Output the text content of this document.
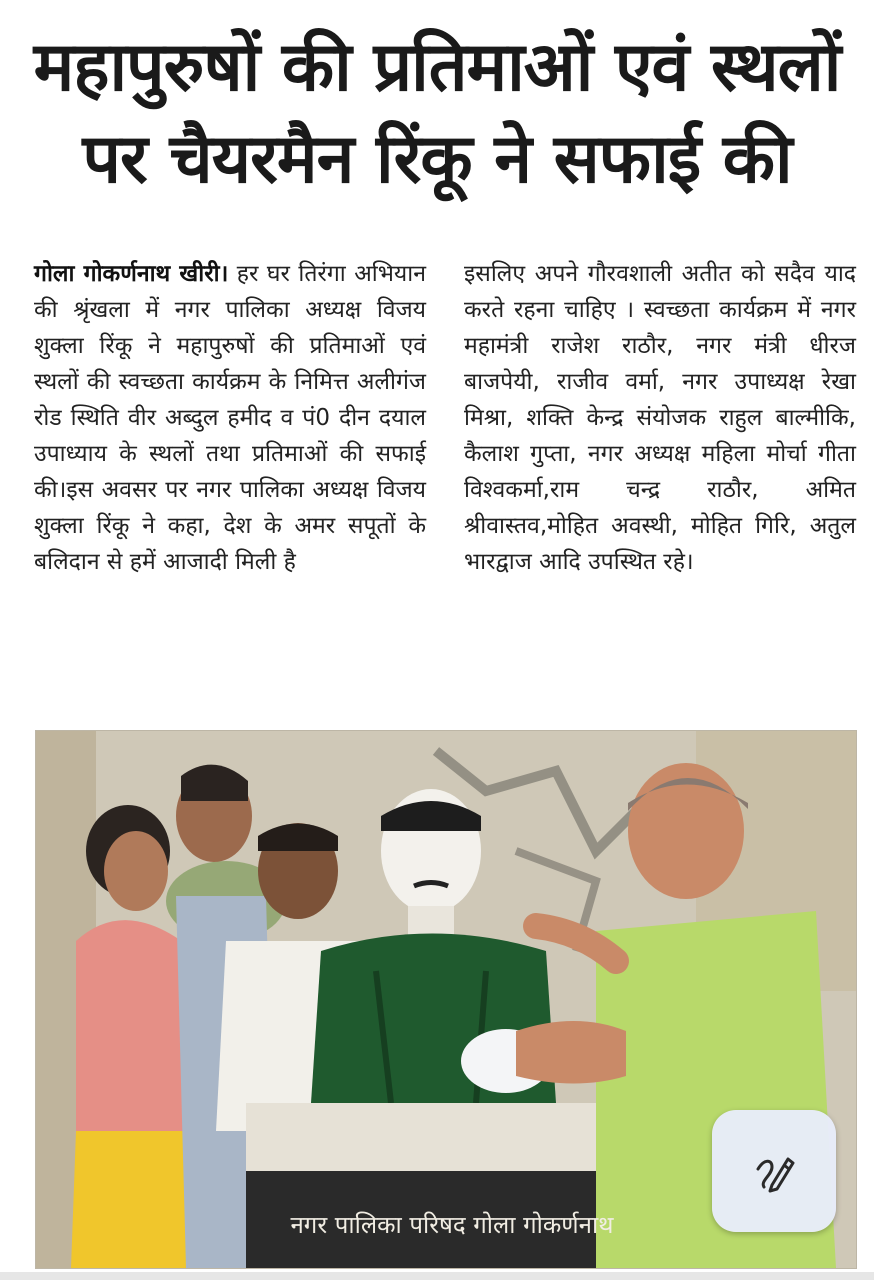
महापुरुषों की प्रतिमाओं एवं स्थलों
पर चैयरमैन रिंकू ने सफाई की
गोला गोकर्णनाथ खीरी। हर घर तिरंगा अभियान की श्रृंखला में नगर पालिका अध्यक्ष विजय शुक्ला रिंकू ने महापुरुषों की प्रतिमाओं एवं स्थलों की स्वच्छता कार्यक्रम के निमित्त अलीगंज रोड स्थिति वीर अब्दुल हमीद व पं0 दीन दयाल उपाध्याय के स्थलों तथा प्रतिमाओं की सफाई की।इस अवसर पर नगर पालिका अध्यक्ष विजय शुक्ला रिंकू ने कहा, देश के अमर सपूतों के बलिदान से हमें आजादी मिली है
इसलिए अपने गौरवशाली अतीत को सदैव याद करते रहना चाहिए । स्वच्छता कार्यक्रम में नगर महामंत्री राजेश राठौर, नगर मंत्री धीरज बाजपेयी, राजीव वर्मा, नगर उपाध्यक्ष रेखा मिश्रा, शक्ति केन्द्र संयोजक राहुल बाल्मीकि, कैलाश गुप्ता, नगर अध्यक्ष महिला मोर्चा गीता विश्वकर्मा,राम चन्द्र राठौर, अमित श्रीवास्तव,मोहित अवस्थी, मोहित गिरि, अतुल भारद्वाज आदि उपस्थित रहे।
नगर पालिका परिषद गोला गोकर्णनाथ
